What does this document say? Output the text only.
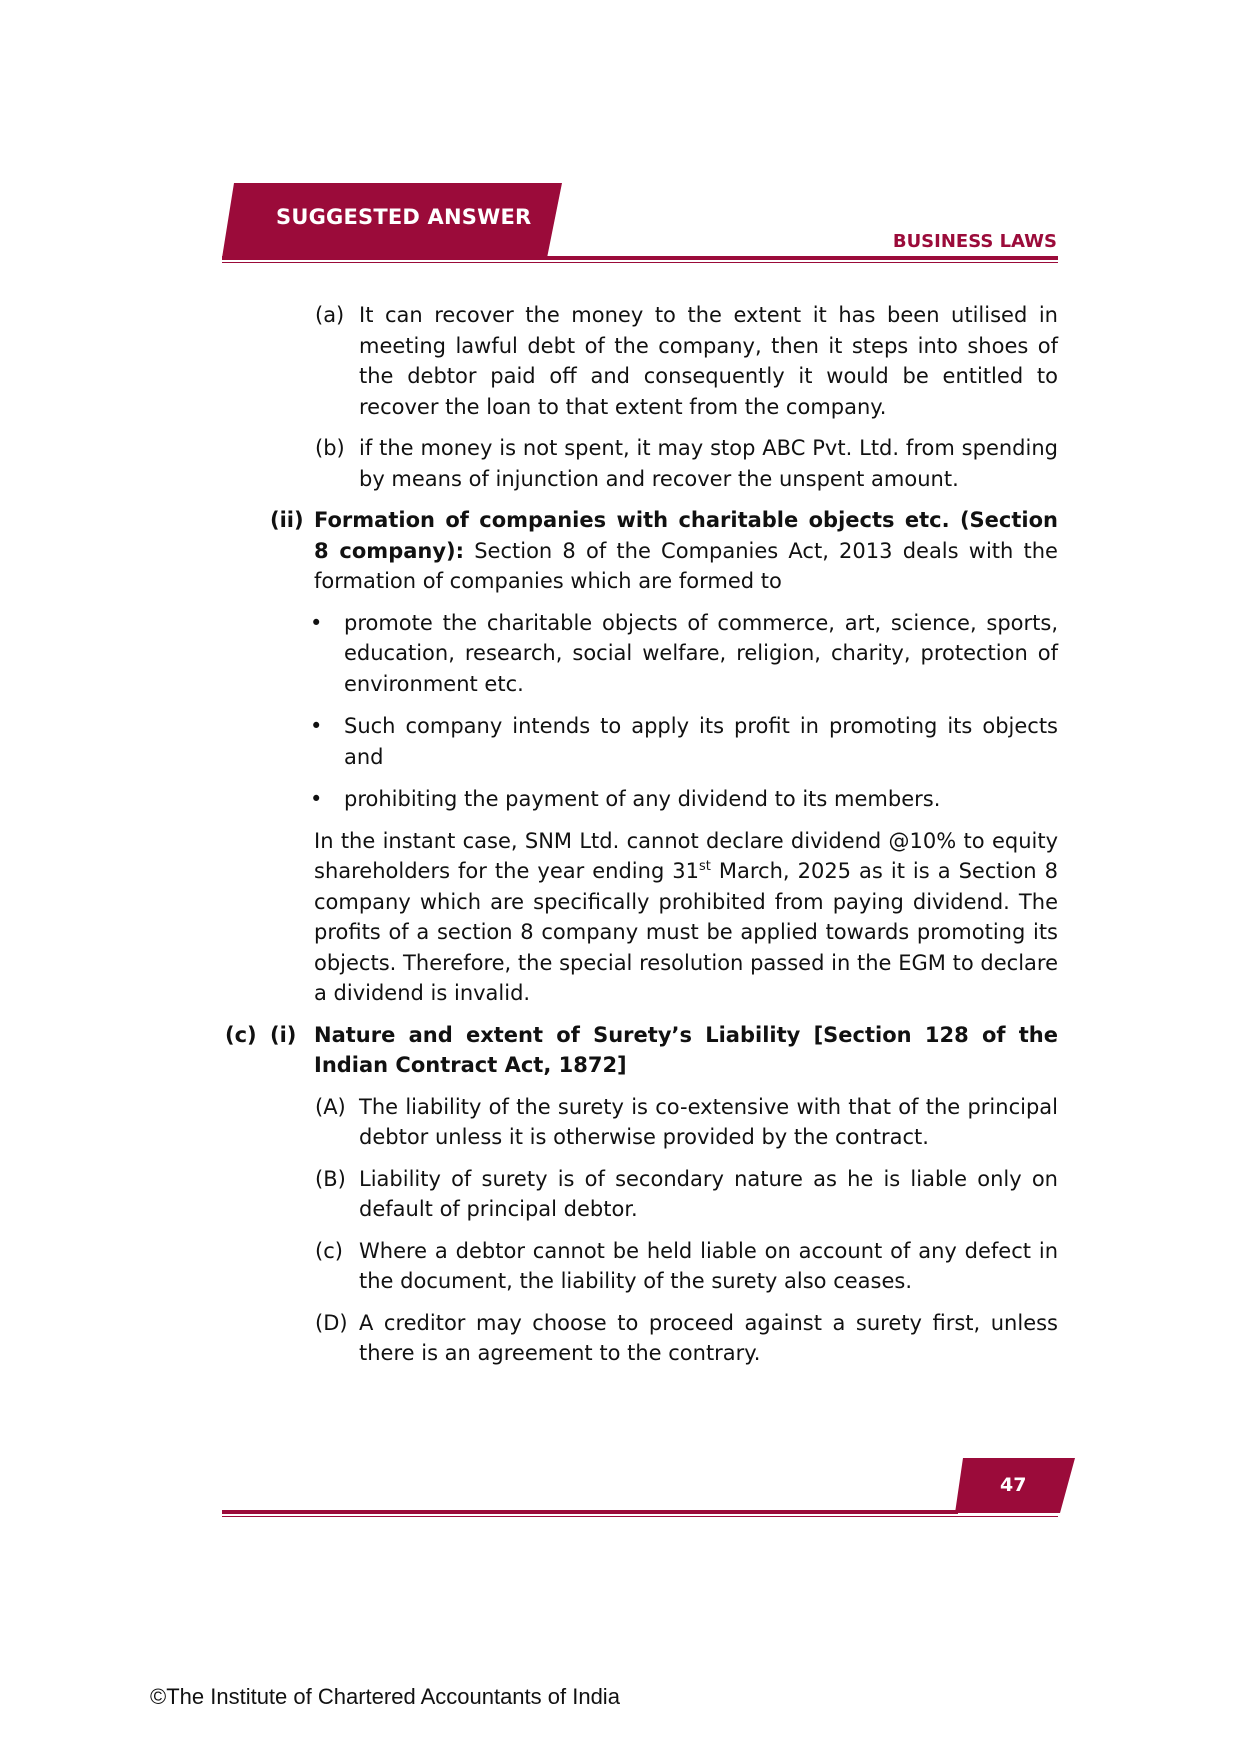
SUGGESTED ANSWER
BUSINESS LAWS
(a) It can recover the money to the extent it has been utilised in meeting lawful debt of the company, then it steps into shoes of the debtor paid off and consequently it would be entitled to recover the loan to that extent from the company.

(b) if the money is not spent, it may stop ABC Pvt. Ltd. from spending by means of injunction and recover the unspent amount.

(ii) Formation of companies with charitable objects etc. (Section 8 company): Section 8 of the Companies Act, 2013 deals with the formation of companies which are formed to

• promote the charitable objects of commerce, art, science, sports, education, research, social welfare, religion, charity, protection of environment etc.

• Such company intends to apply its profit in promoting its objects and

• prohibiting the payment of any dividend to its members.

In the instant case, SNM Ltd. cannot declare dividend @10% to equity shareholders for the year ending 31st March, 2025 as it is a Section 8 company which are specifically prohibited from paying dividend. The profits of a section 8 company must be applied towards promoting its objects. Therefore, the special resolution passed in the EGM to declare a dividend is invalid.

(c) (i) Nature and extent of Surety’s Liability [Section 128 of the Indian Contract Act, 1872]

(A) The liability of the surety is co-extensive with that of the principal debtor unless it is otherwise provided by the contract.

(B) Liability of surety is of secondary nature as he is liable only on default of principal debtor.

(c) Where a debtor cannot be held liable on account of any defect in the document, the liability of the surety also ceases.

(D) A creditor may choose to proceed against a surety first, unless there is an agreement to the contrary.

47
©The Institute of Chartered Accountants of India
